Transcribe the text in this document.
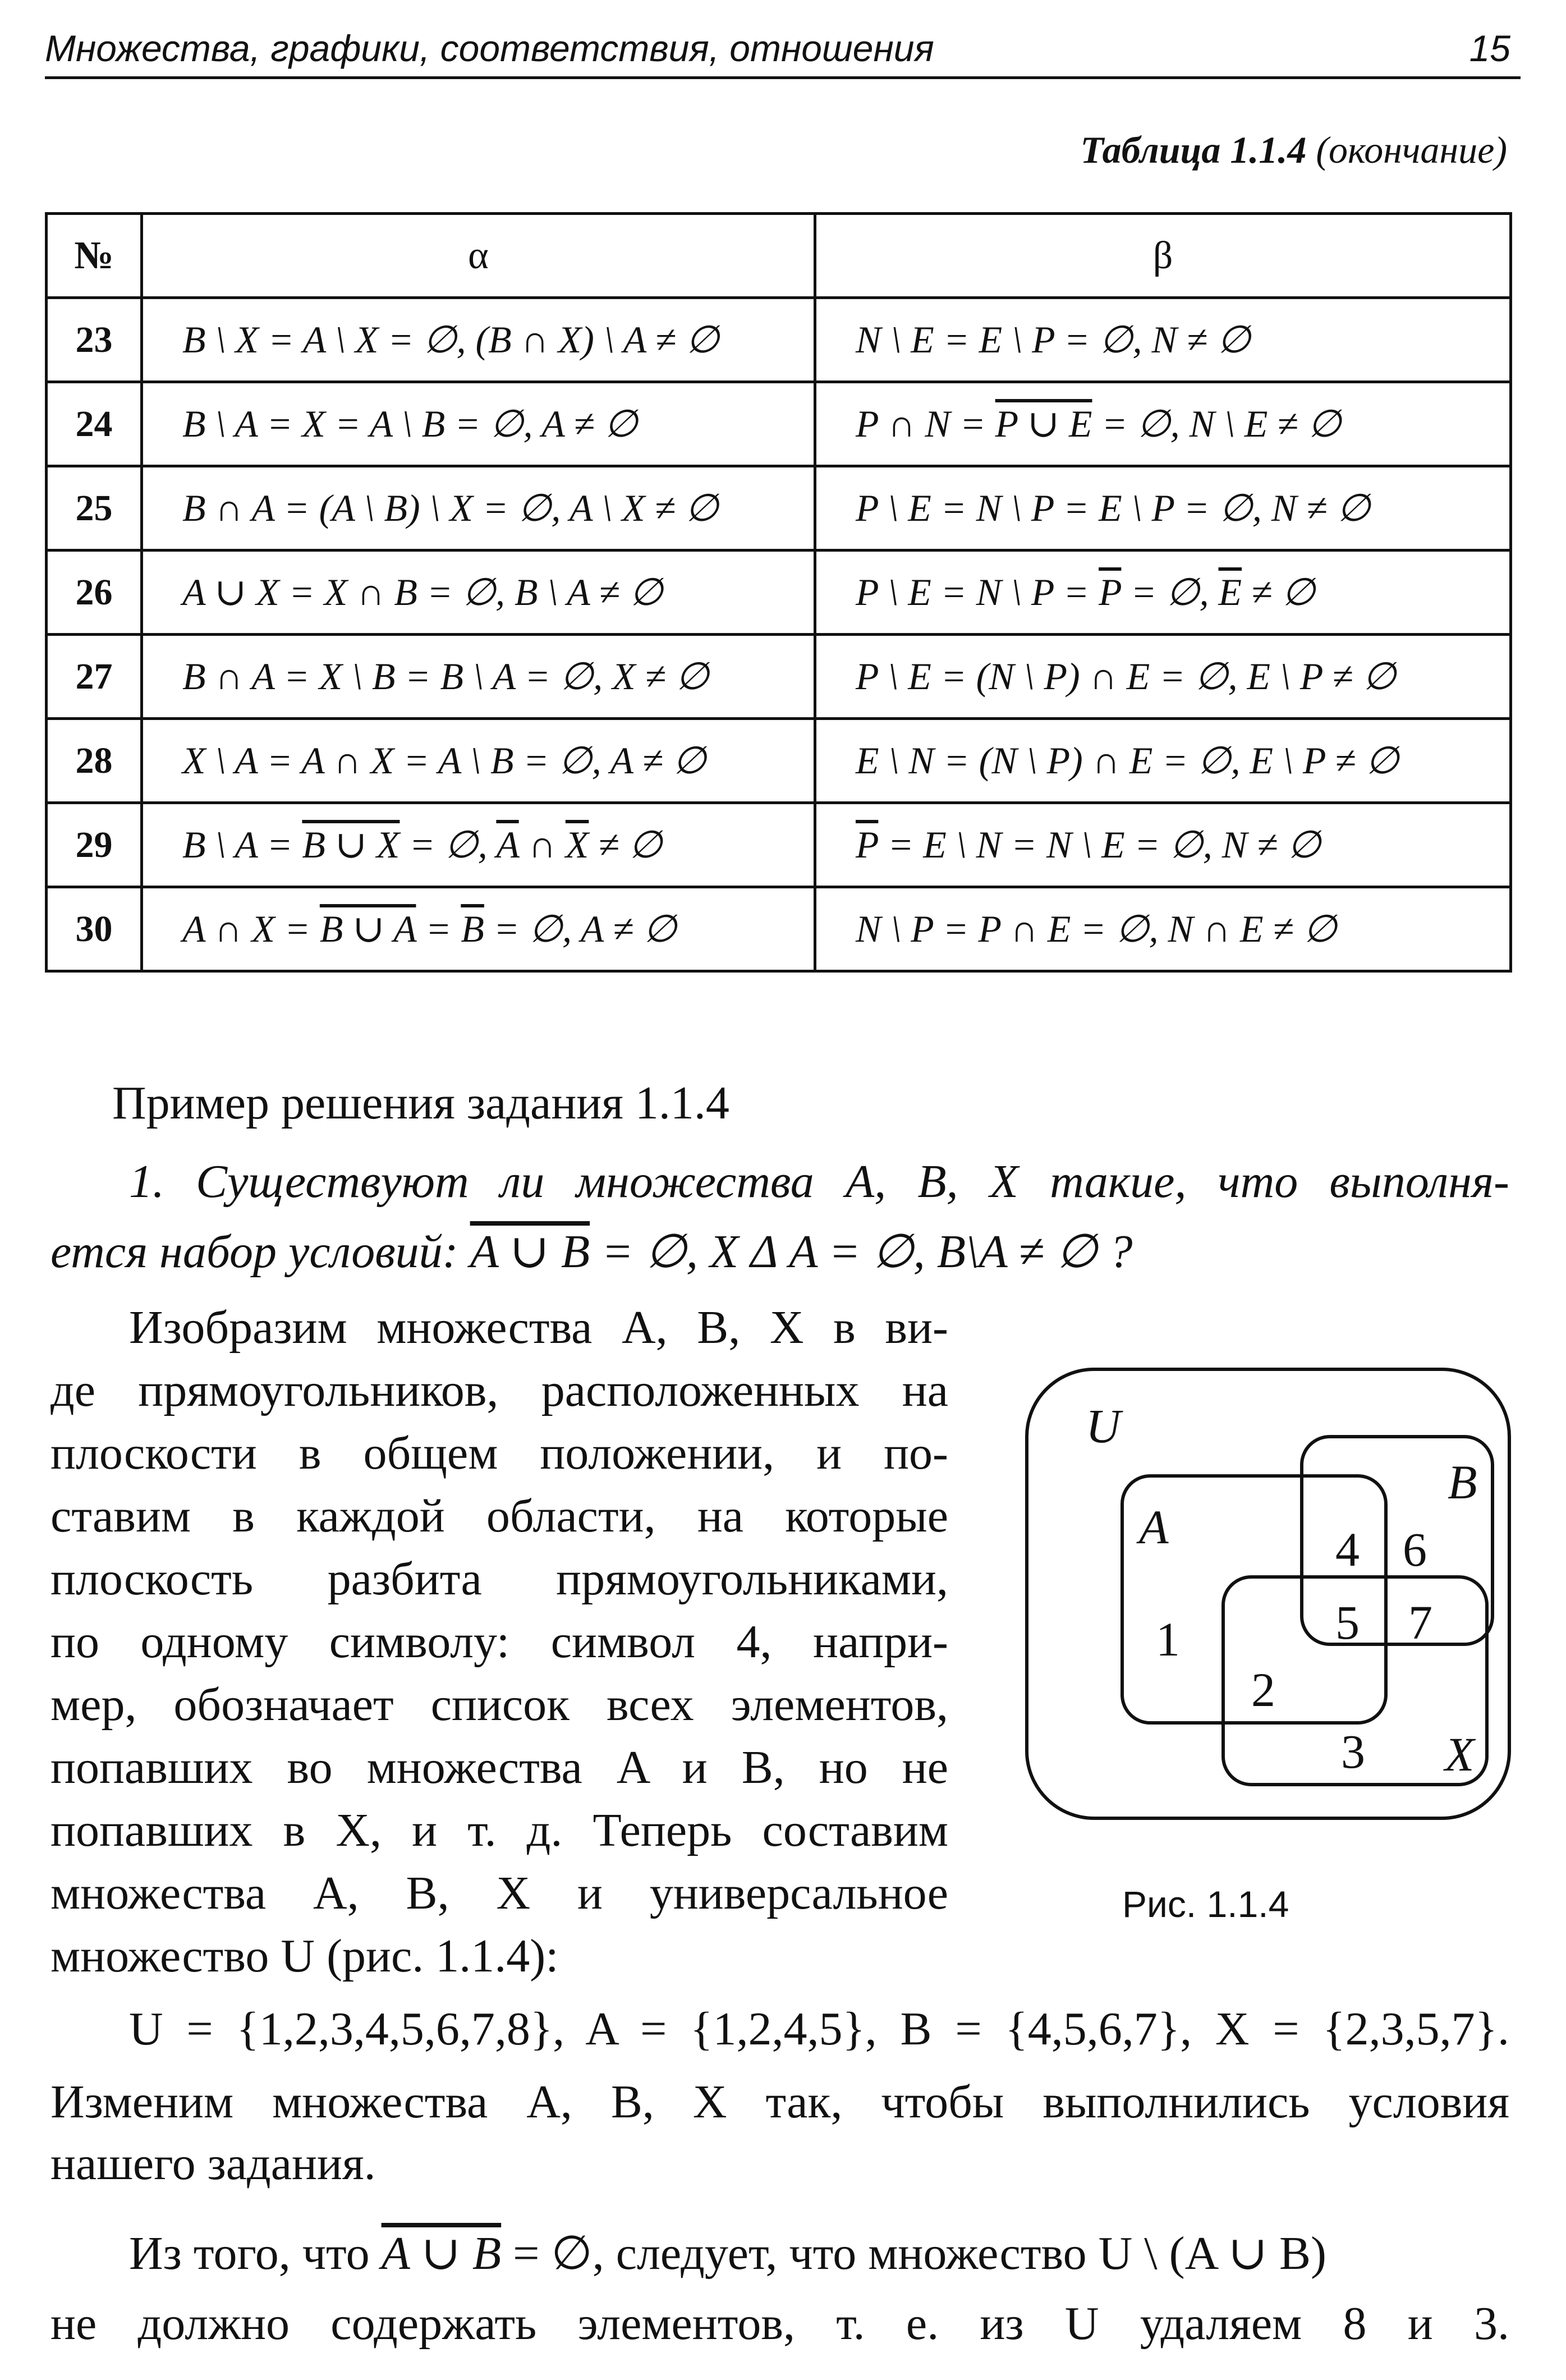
Множества, графики, соответствия, отношения	15
Таблица 1.1.4 (окончание)
№	α	β
23	B \ X = A \ X = ∅, (B ∩ X) \ A ≠ ∅	N \ E = E \ P = ∅, N ≠ ∅
24	B \ A = X = A \ B = ∅, A ≠ ∅	P ∩ N = P ∪ E = ∅, N \ E ≠ ∅
25	B ∩ A = (A \ B) \ X = ∅, A \ X ≠ ∅	P \ E = N \ P = E \ P = ∅, N ≠ ∅
26	A ∪ X = X ∩ B = ∅, B \ A ≠ ∅	P \ E = N \ $P = \overline{P}$ = ∅, $\overline{E}$ ≠ ∅
27	B ∩ A = X \ B = B \ A = ∅, X ≠ ∅	P \ E = (N \ P) ∩ E = ∅, E \ P ≠ ∅
28	X \ A = A ∩ X = A \ B = ∅, A ≠ ∅	E \ N = (N \ P) ∩ E = ∅, E \ P ≠ ∅
29	B \ A = B ∪ X = ∅, $\overline{A}$ ∩ $\overline{X}$ ≠ ∅	$\overline{P} = E$ \ N = N \ E = ∅, N ≠ ∅
30	A ∩ X = B ∪ $A = \overline{B}$ = ∅, A ≠ ∅	N \ P = P ∩ E = ∅, N ∩ E ≠ ∅
Пример решения задания 1.1.4
1. Существуют ли множества A, B, X такие, что выполня-
ется набор условий: A ∪ B = ∅, X Δ A = ∅, B\A ≠ ∅ ?
Изобразим множества A, B, X в ви-
де прямоугольников, расположенных на
плоскости в общем положении, и по-
ставим в каждой области, на которые
плоскость разбита прямоугольниками,
по одному символу: символ 4, напри-
мер, обозначает список всех элементов,
попавших во множества A и B, но не
попавших в X, и т. д. Теперь составим
множества A, B, X и универсальное
множество U (рис. 1.1.4):
U = {1,2,3,4,5,6,7,8}, A = {1,2,4,5}, B = {4,5,6,7}, X = {2,3,5,7}.
Изменим множества A, B, X так, чтобы выполнились условия
нашего задания.
Из того, что A ∪ B = ∅, следует, что множество U \ (A ∪ B)
не должно содержать элементов, т. е. из U удаляем 8 и 3.
U
A
B
X
1
2
3
4
5
6
7
Рис. 1.1.4
